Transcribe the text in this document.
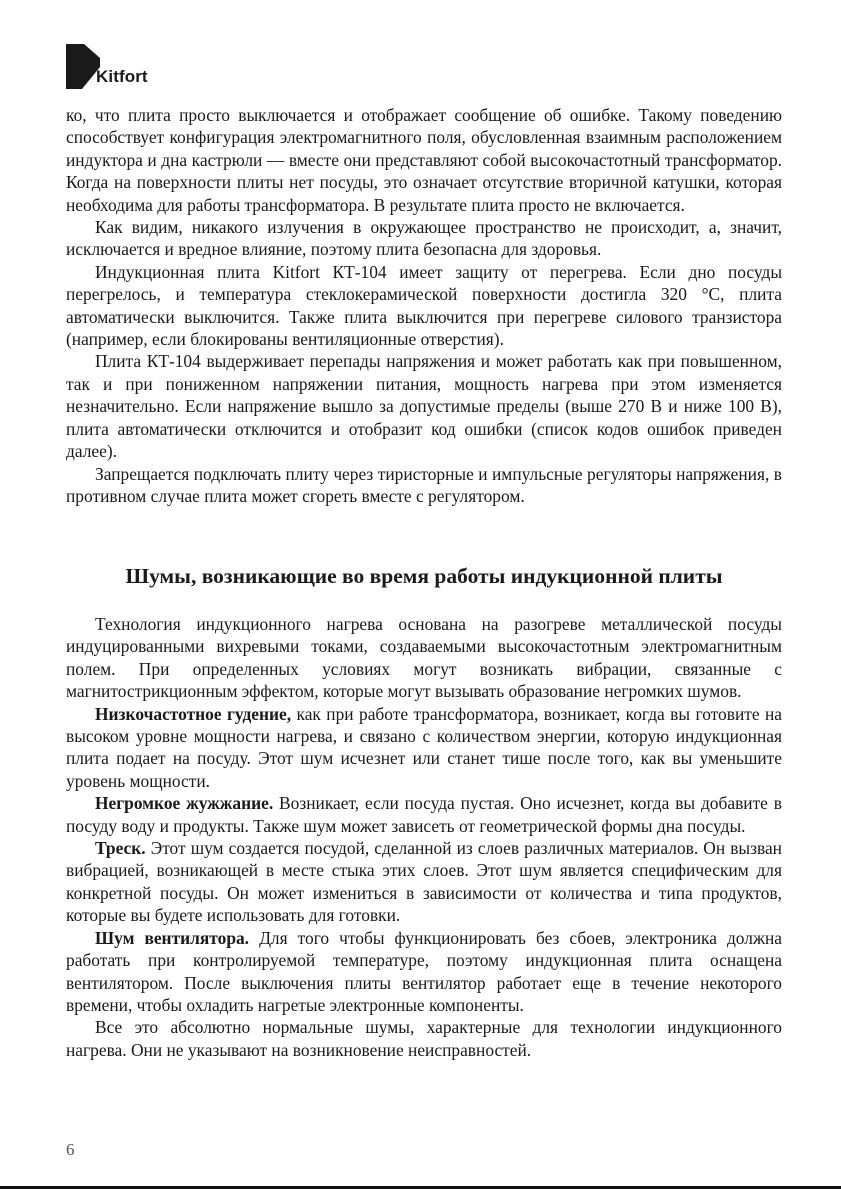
Kitfort

ко, что плита просто выключается и отображает сообщение об ошибке. Такому поведению способствует конфигурация электромагнитного поля, обусловленная взаимным расположением индуктора и дна кастрюли — вместе они представляют собой высокочастотный трансформатор. Когда на поверхности плиты нет посуды, это означает отсутствие вторичной катушки, которая необходима для работы трансформатора. В результате плита просто не включается.

Как видим, никакого излучения в окружающее пространство не происходит, а, значит, исключается и вредное влияние, поэтому плита безопасна для здоровья.

Индукционная плита Kitfort КТ-104 имеет защиту от перегрева. Если дно посуды перегрелось, и температура стеклокерамической поверхности достигла 320 °С, плита автоматически выключится. Также плита выключится при перегреве силового транзистора (например, если блокированы вентиляционные отверстия).

Плита КТ-104 выдерживает перепады напряжения и может работать как при повышенном, так и при пониженном напряжении питания, мощность нагрева при этом изменяется незначительно. Если напряжение вышло за допустимые пределы (выше 270 В и ниже 100 В), плита автоматически отключится и отобразит код ошибки (список кодов ошибок приведен далее).

Запрещается подключать плиту через тиристорные и импульсные регуляторы напряжения, в противном случае плита может сгореть вместе с регулятором.

Шумы, возникающие во время работы индукционной плиты

Технология индукционного нагрева основана на разогреве металлической посуды индуцированными вихревыми токами, создаваемыми высокочастотным электромагнитным полем. При определенных условиях могут возникать вибрации, связанные с магнитострикционным эффектом, которые могут вызывать образование негромких шумов.

Низкочастотное гудение, как при работе трансформатора, возникает, когда вы готовите на высоком уровне мощности нагрева, и связано с количеством энергии, которую индукционная плита подает на посуду. Этот шум исчезнет или станет тише после того, как вы уменьшите уровень мощности.

Негромкое жужжание. Возникает, если посуда пустая. Оно исчезнет, когда вы добавите в посуду воду и продукты. Также шум может зависеть от геометрической формы дна посуды.

Треск. Этот шум создается посудой, сделанной из слоев различных материалов. Он вызван вибрацией, возникающей в месте стыка этих слоев. Этот шум является специфическим для конкретной посуды. Он может измениться в зависимости от количества и типа продуктов, которые вы будете использовать для готовки.

Шум вентилятора. Для того чтобы функционировать без сбоев, электроника должна работать при контролируемой температуре, поэтому индукционная плита оснащена вентилятором. После выключения плиты вентилятор работает еще в течение некоторого времени, чтобы охладить нагретые электронные компоненты.

Все это абсолютно нормальные шумы, характерные для технологии индукционного нагрева. Они не указывают на возникновение неисправностей.

6
